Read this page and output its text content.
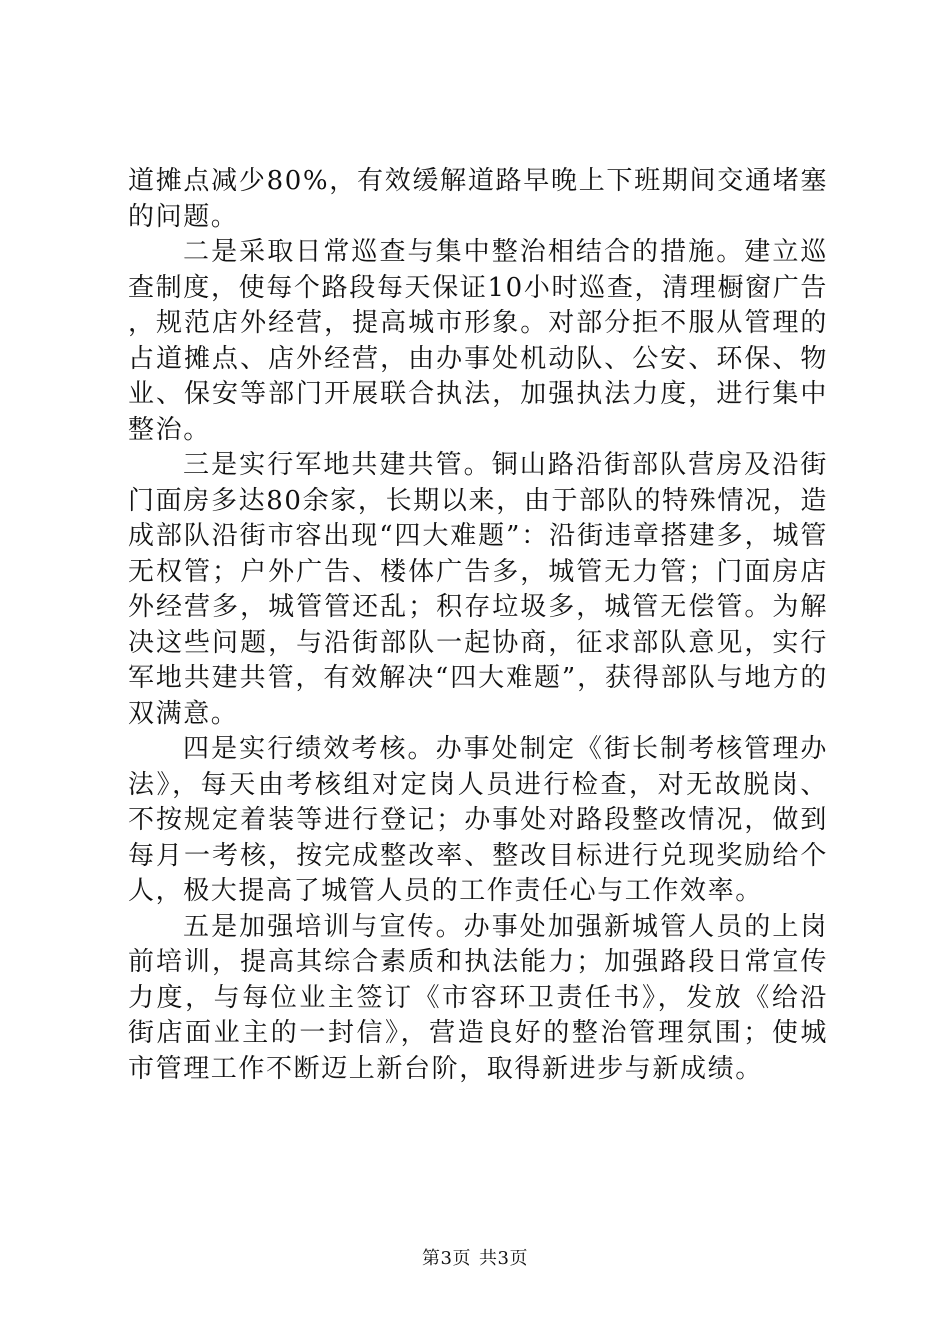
道摊点减少80%，有效缓解道路早晚上下班期间交通堵塞的问题。

二是采取日常巡查与集中整治相结合的措施。建立巡查制度，使每个路段每天保证10小时巡查，清理橱窗广告，规范店外经营，提高城市形象。对部分拒不服从管理的占道摊点、店外经营，由办事处机动队、公安、环保、物业、保安等部门开展联合执法，加强执法力度，进行集中整治。

三是实行军地共建共管。铜山路沿街部队营房及沿街门面房多达80余家，长期以来，由于部队的特殊情况，造成部队沿街市容出现“四大难题”：沿街违章搭建多，城管无权管；户外广告、楼体广告多，城管无力管；门面房店外经营多，城管管还乱；积存垃圾多，城管无偿管。为解决这些问题，与沿街部队一起协商，征求部队意见，实行军地共建共管，有效解决“四大难题”，获得部队与地方的双满意。

四是实行绩效考核。办事处制定《街长制考核管理办法》，每天由考核组对定岗人员进行检查，对无故脱岗、不按规定着装等进行登记；办事处对路段整改情况，做到每月一考核，按完成整改率、整改目标进行兑现奖励给个人，极大提高了城管人员的工作责任心与工作效率。

五是加强培训与宣传。办事处加强新城管人员的上岗前培训，提高其综合素质和执法能力；加强路段日常宣传力度，与每位业主签订《市容环卫责任书》，发放《给沿街店面业主的一封信》，营造良好的整治管理氛围；使城市管理工作不断迈上新台阶，取得新进步与新成绩。

第3页 共3页
